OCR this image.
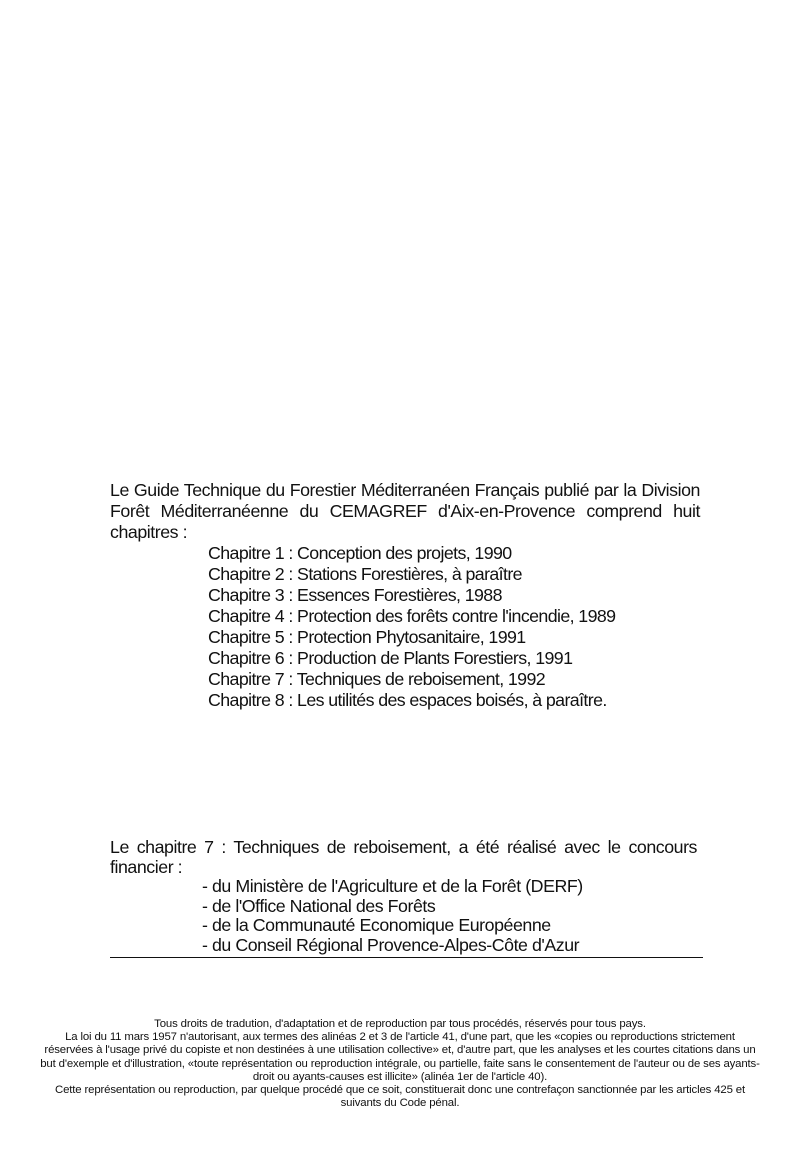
Le Guide Technique du Forestier Méditerranéen Français publié par la Division Forêt Méditerranéenne du CEMAGREF d'Aix-en-Provence comprend huit chapitres :
Chapitre 1 : Conception des projets, 1990
Chapitre 2 : Stations Forestières, à paraître
Chapitre 3 : Essences Forestières, 1988
Chapitre 4 : Protection des forêts contre l'incendie, 1989
Chapitre 5 : Protection Phytosanitaire, 1991
Chapitre 6 : Production de Plants Forestiers, 1991
Chapitre 7 : Techniques de reboisement, 1992
Chapitre 8 : Les utilités des espaces boisés, à paraître.
Le chapitre 7 : Techniques de reboisement, a été réalisé avec le concours financier :
- du Ministère de l'Agriculture et de la Forêt (DERF)
- de l'Office National des Forêts
- de la Communauté Economique Européenne
- du Conseil Régional Provence-Alpes-Côte d'Azur

Tous droits de tradution, d'adaptation et de reproduction par tous procédés, réservés pour tous pays.

La loi du 11 mars 1957 n'autorisant, aux termes des alinéas 2 et 3 de l'article 41, d'une part, que les «copies ou reproductions strictement réservées à l'usage privé du copiste et non destinées à une utilisation collective» et, d'autre part, que les analyses et les courtes citations dans un but d'exemple et d'illustration, «toute représentation ou reproduction intégrale, ou partielle, faite sans le consentement de l'auteur ou de ses ayants-droit ou ayants-causes est illicite» (alinéa 1er de l'article 40).

Cette représentation ou reproduction, par quelque procédé que ce soit, constituerait donc une contrefaçon sanctionnée par les articles 425 et suivants du Code pénal.
